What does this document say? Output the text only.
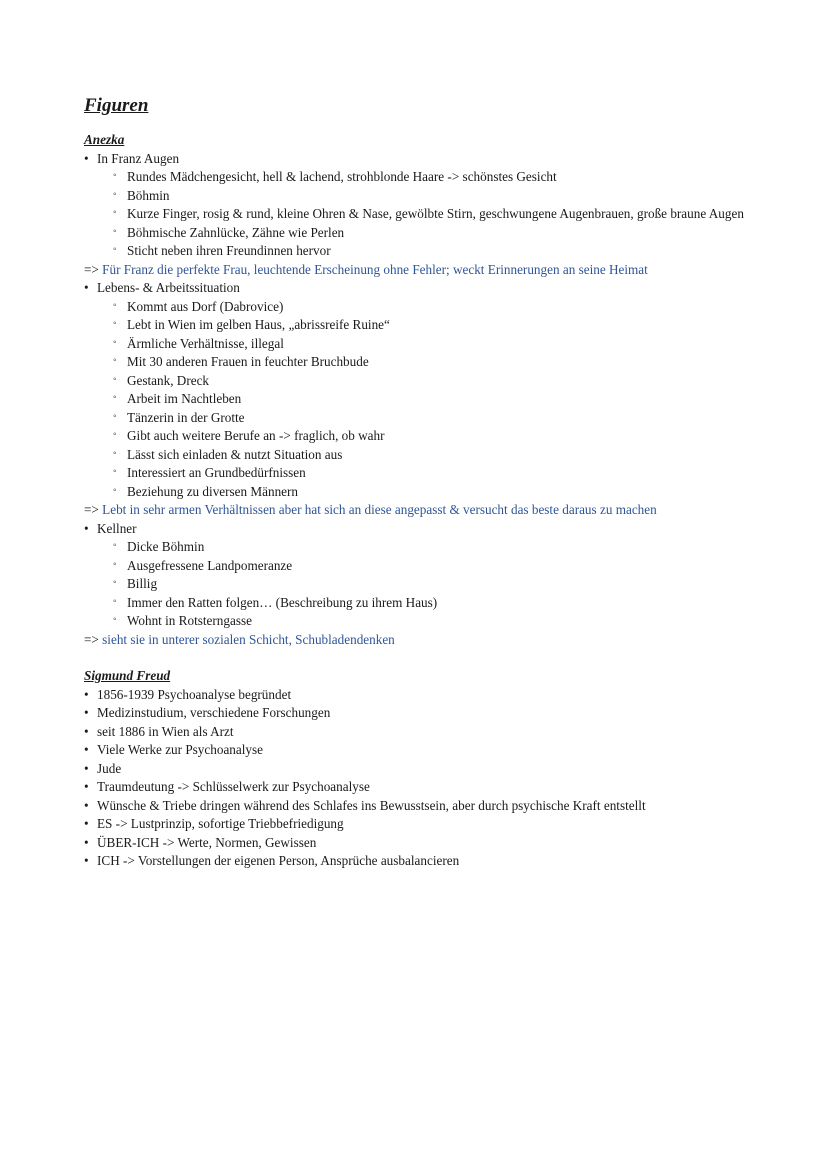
Figuren
Anezka
• In Franz Augen
◦ Rundes Mädchengesicht, hell & lachend, strohblonde Haare -> schönstes Gesicht
◦ Böhmin
◦ Kurze Finger, rosig & rund, kleine Ohren & Nase, gewölbte Stirn, geschwungene Augenbrauen, große braune Augen
◦ Böhmische Zahnlücke, Zähne wie Perlen
◦ Sticht neben ihren Freundinnen hervor
=> Für Franz die perfekte Frau, leuchtende Erscheinung ohne Fehler; weckt Erinnerungen an seine Heimat
• Lebens- & Arbeitssituation
◦ Kommt aus Dorf (Dabrovice)
◦ Lebt in Wien im gelben Haus, „abrissreife Ruine“
◦ Ärmliche Verhältnisse, illegal
◦ Mit 30 anderen Frauen in feuchter Bruchbude
◦ Gestank, Dreck
◦ Arbeit im Nachtleben
◦ Tänzerin in der Grotte
◦ Gibt auch weitere Berufe an -> fraglich, ob wahr
◦ Lässt sich einladen & nutzt Situation aus
◦ Interessiert an Grundbedürfnissen
◦ Beziehung zu diversen Männern
=> Lebt in sehr armen Verhältnissen aber hat sich an diese angepasst & versucht das beste daraus zu machen
• Kellner
◦ Dicke Böhmin
◦ Ausgefressene Landpomeranze
◦ Billig
◦ Immer den Ratten folgen… (Beschreibung zu ihrem Haus)
◦ Wohnt in Rotsterngasse
=> sieht sie in unterer sozialen Schicht, Schubladendenken
Sigmund Freud
• 1856-1939 Psychoanalyse begründet
• Medizinstudium, verschiedene Forschungen
• seit 1886 in Wien als Arzt
• Viele Werke zur Psychoanalyse
• Jude
• Traumdeutung -> Schlüsselwerk zur Psychoanalyse
• Wünsche & Triebe dringen während des Schlafes ins Bewusstsein, aber durch psychische Kraft entstellt
• ES -> Lustprinzip, sofortige Triebbefriedigung
• ÜBER-ICH -> Werte, Normen, Gewissen
• ICH -> Vorstellungen der eigenen Person, Ansprüche ausbalancieren
